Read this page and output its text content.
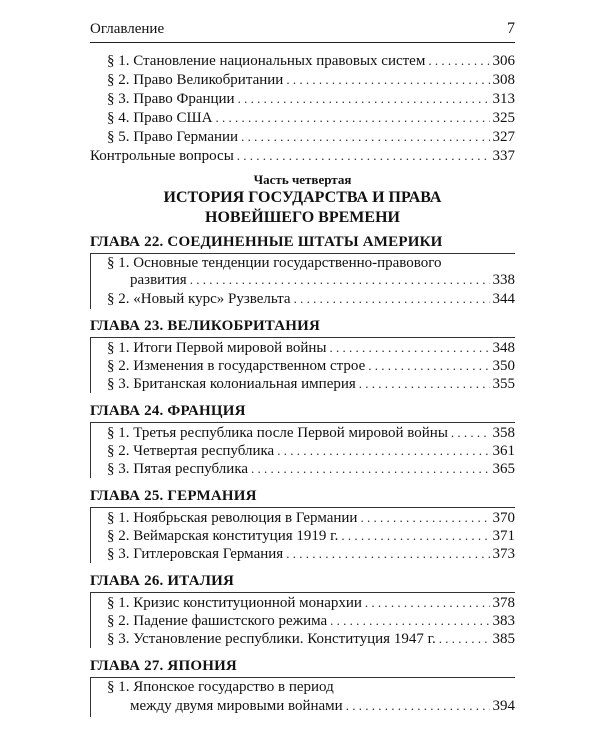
Оглавление	7
§ 1. Становление национальных правовых систем . . .	306
§ 2. Право Великобритании . . .	308
§ 3. Право Франции . . .	313
§ 4. Право США . . .	325
§ 5. Право Германии . . .	327
Контрольные вопросы . . .	337
Часть четвертая
ИСТОРИЯ ГОСУДАРСТВА И ПРАВА
НОВЕЙШЕГО ВРЕМЕНИ
ГЛАВА 22. СОЕДИНЕННЫЕ ШТАТЫ АМЕРИКИ
§ 1. Основные тенденции государственно-правового
развития . . .	338
§ 2. «Новый курс» Рузвельта . . .	344
ГЛАВА 23. ВЕЛИКОБРИТАНИЯ
§ 1. Итоги Первой мировой войны . . .	348
§ 2. Изменения в государственном строе . . .	350
§ 3. Британская колониальная империя . . .	355
ГЛАВА 24. ФРАНЦИЯ
§ 1. Третья республика после Первой мировой войны . . .	358
§ 2. Четвертая республика . . .	361
§ 3. Пятая республика . . .	365
ГЛАВА 25. ГЕРМАНИЯ
§ 1. Ноябрьская революция в Германии . . .	370
§ 2. Веймарская конституция 1919 г. . . .	371
§ 3. Гитлеровская Германия . . .	373
ГЛАВА 26. ИТАЛИЯ
§ 1. Кризис конституционной монархии . . .	378
§ 2. Падение фашистского режима . . .	383
§ 3. Установление республики. Конституция 1947 г. . . .	385
ГЛАВА 27. ЯПОНИЯ
§ 1. Японское государство в период
между двумя мировыми войнами . . .	394
